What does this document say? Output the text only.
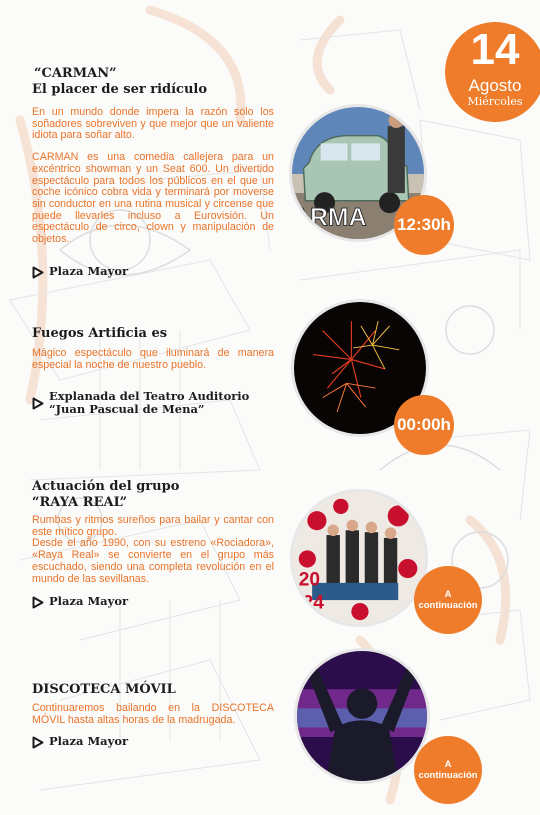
14
Agosto
Miércoles
“CARMAN”
El placer de ser ridículo

En un mundo donde impera la razón solo los soñadores sobreviven y que mejor que un valiente idiota para soñar alto.

CARMAN es una comedia callejera para un excéntrico showman y un Seat 600. Un divertido espectáculo para todos los públicos en el que un coche icónico cobra vida y terminará por moverse sin conductor en una rutina musical y circense que puede llevarles incluso a Eurovisión. Un espectáculo de circo, clown y manipulación de objetos.

Plaza Mayor
ARMA 12:30h
Fuegos Artificia es

Mágico espectáculo que iluminará de manera especial la noche de nuestro pueblo.

Explanada del Teatro Auditorio
“Juan Pascual de Mena”
00:00h
Actuación del grupo
“RAYA REAL”

Rumbas y ritmos sureños para bailar y cantar con este mítico grupo.

Desde el año 1990, con su estreno «Rociadora», «Raya Real» se convierte en el grupo más escuchado, siendo una completa revolución en el mundo de las sevillanas.

Plaza Mayor
20
24	A
continuación
DISCOTECA MÓVIL

Continuaremos bailando en la DISCOTECA MÓVIL hasta altas horas de la madrugada.

Plaza Mayor
A
continuación
